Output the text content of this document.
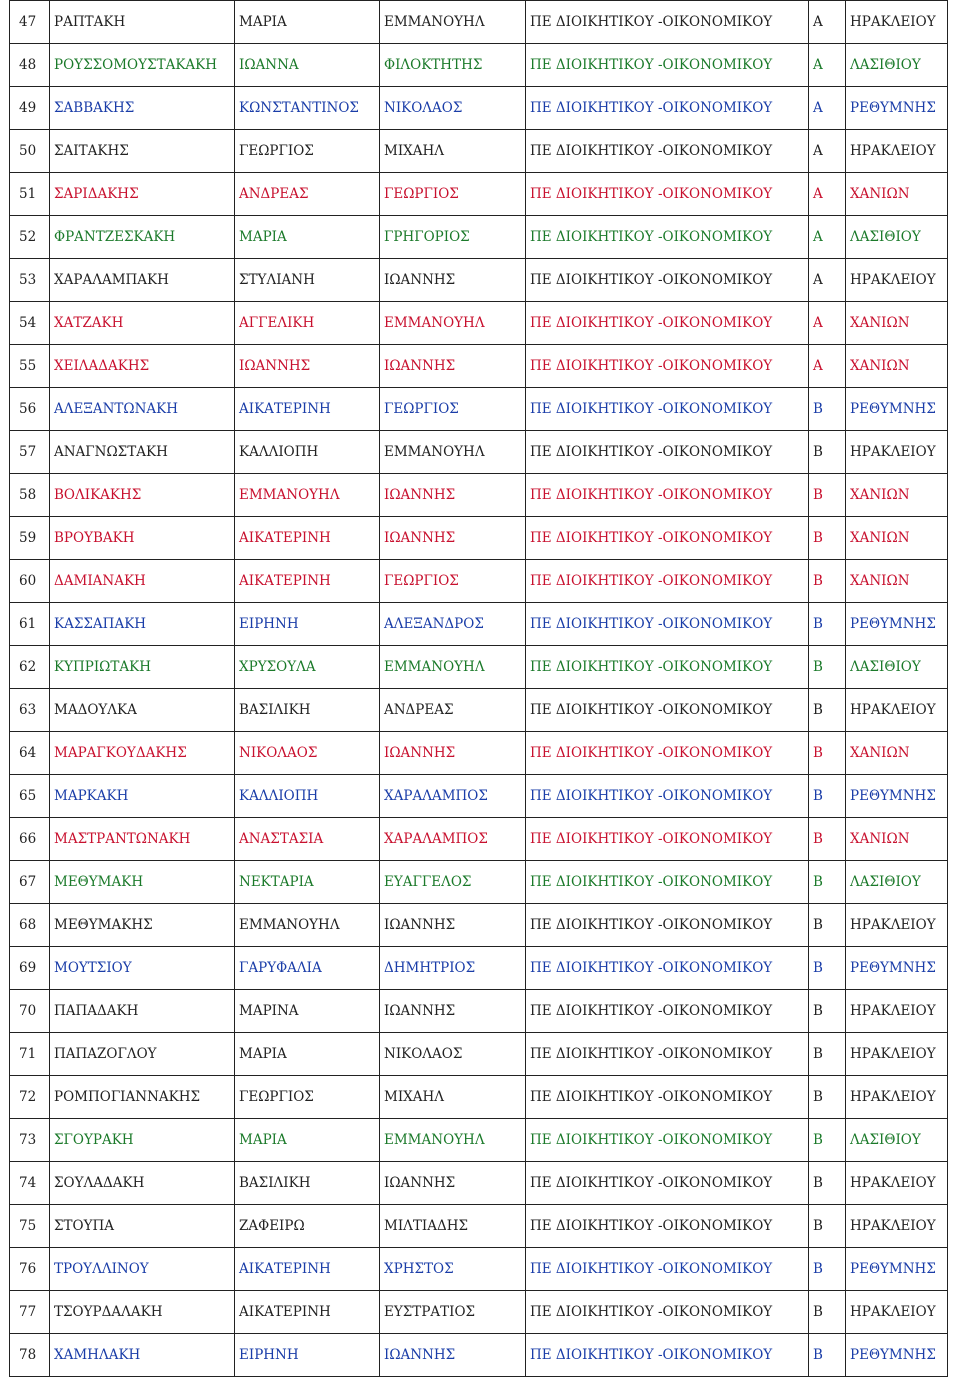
47	ΡΑΠΤΑΚΗ	ΜΑΡΙΑ	ΕΜΜΑΝΟΥΗΛ	ΠΕ ΔΙΟΙΚΗΤΙΚΟΥ -ΟΙΚΟΝΟΜΙΚΟΥ	Α	ΗΡΑΚΛΕΙΟΥ
48	ΡΟΥΣΣΟΜΟΥΣΤΑΚΑΚΗ	ΙΩΑΝΝΑ	ΦΙΛΟΚΤΗΤΗΣ	ΠΕ ΔΙΟΙΚΗΤΙΚΟΥ -ΟΙΚΟΝΟΜΙΚΟΥ	Α	ΛΑΣΙΘΙΟΥ
49	ΣΑΒΒΑΚΗΣ	ΚΩΝΣΤΑΝΤΙΝΟΣ	ΝΙΚΟΛΑΟΣ	ΠΕ ΔΙΟΙΚΗΤΙΚΟΥ -ΟΙΚΟΝΟΜΙΚΟΥ	Α	ΡΕΘΥΜΝΗΣ
50	ΣΑΙΤΑΚΗΣ	ΓΕΩΡΓΙΟΣ	ΜΙΧΑΗΛ	ΠΕ ΔΙΟΙΚΗΤΙΚΟΥ -ΟΙΚΟΝΟΜΙΚΟΥ	Α	ΗΡΑΚΛΕΙΟΥ
51	ΣΑΡΙΔΑΚΗΣ	ΑΝΔΡΕΑΣ	ΓΕΩΡΓΙΟΣ	ΠΕ ΔΙΟΙΚΗΤΙΚΟΥ -ΟΙΚΟΝΟΜΙΚΟΥ	Α	ΧΑΝΙΩΝ
52	ΦΡΑΝΤΖΕΣΚΑΚΗ	ΜΑΡΙΑ	ΓΡΗΓΟΡΙΟΣ	ΠΕ ΔΙΟΙΚΗΤΙΚΟΥ -ΟΙΚΟΝΟΜΙΚΟΥ	Α	ΛΑΣΙΘΙΟΥ
53	ΧΑΡΑΛΑΜΠΑΚΗ	ΣΤΥΛΙΑΝΗ	ΙΩΑΝΝΗΣ	ΠΕ ΔΙΟΙΚΗΤΙΚΟΥ -ΟΙΚΟΝΟΜΙΚΟΥ	Α	ΗΡΑΚΛΕΙΟΥ
54	ΧΑΤΖΑΚΗ	ΑΓΓΕΛΙΚΗ	ΕΜΜΑΝΟΥΗΛ	ΠΕ ΔΙΟΙΚΗΤΙΚΟΥ -ΟΙΚΟΝΟΜΙΚΟΥ	Α	ΧΑΝΙΩΝ
55	ΧΕΙΛΑΔΑΚΗΣ	ΙΩΑΝΝΗΣ	ΙΩΑΝΝΗΣ	ΠΕ ΔΙΟΙΚΗΤΙΚΟΥ -ΟΙΚΟΝΟΜΙΚΟΥ	Α	ΧΑΝΙΩΝ
56	ΑΛΕΞΑΝΤΩΝΑΚΗ	ΑΙΚΑΤΕΡΙΝΗ	ΓΕΩΡΓΙΟΣ	ΠΕ ΔΙΟΙΚΗΤΙΚΟΥ -ΟΙΚΟΝΟΜΙΚΟΥ	Β	ΡΕΘΥΜΝΗΣ
57	ΑΝΑΓΝΩΣΤΑΚΗ	ΚΑΛΛΙΟΠΗ	ΕΜΜΑΝΟΥΗΛ	ΠΕ ΔΙΟΙΚΗΤΙΚΟΥ -ΟΙΚΟΝΟΜΙΚΟΥ	Β	ΗΡΑΚΛΕΙΟΥ
58	ΒΟΛΙΚΑΚΗΣ	ΕΜΜΑΝΟΥΗΛ	ΙΩΑΝΝΗΣ	ΠΕ ΔΙΟΙΚΗΤΙΚΟΥ -ΟΙΚΟΝΟΜΙΚΟΥ	Β	ΧΑΝΙΩΝ
59	ΒΡΟΥΒΑΚΗ	ΑΙΚΑΤΕΡΙΝΗ	ΙΩΑΝΝΗΣ	ΠΕ ΔΙΟΙΚΗΤΙΚΟΥ -ΟΙΚΟΝΟΜΙΚΟΥ	Β	ΧΑΝΙΩΝ
60	ΔΑΜΙΑΝΑΚΗ	ΑΙΚΑΤΕΡΙΝΗ	ΓΕΩΡΓΙΟΣ	ΠΕ ΔΙΟΙΚΗΤΙΚΟΥ -ΟΙΚΟΝΟΜΙΚΟΥ	Β	ΧΑΝΙΩΝ
61	ΚΑΣΣΑΠΑΚΗ	ΕΙΡΗΝΗ	ΑΛΕΞΑΝΔΡΟΣ	ΠΕ ΔΙΟΙΚΗΤΙΚΟΥ -ΟΙΚΟΝΟΜΙΚΟΥ	Β	ΡΕΘΥΜΝΗΣ
62	ΚΥΠΡΙΩΤΑΚΗ	ΧΡΥΣΟΥΛΑ	ΕΜΜΑΝΟΥΗΛ	ΠΕ ΔΙΟΙΚΗΤΙΚΟΥ -ΟΙΚΟΝΟΜΙΚΟΥ	Β	ΛΑΣΙΘΙΟΥ
63	ΜΑΔΟΥΛΚΑ	ΒΑΣΙΛΙΚΗ	ΑΝΔΡΕΑΣ	ΠΕ ΔΙΟΙΚΗΤΙΚΟΥ -ΟΙΚΟΝΟΜΙΚΟΥ	Β	ΗΡΑΚΛΕΙΟΥ
64	ΜΑΡΑΓΚΟΥΔΑΚΗΣ	ΝΙΚΟΛΑΟΣ	ΙΩΑΝΝΗΣ	ΠΕ ΔΙΟΙΚΗΤΙΚΟΥ -ΟΙΚΟΝΟΜΙΚΟΥ	Β	ΧΑΝΙΩΝ
65	ΜΑΡΚΑΚΗ	ΚΑΛΛΙΟΠΗ	ΧΑΡΑΛΑΜΠΟΣ	ΠΕ ΔΙΟΙΚΗΤΙΚΟΥ -ΟΙΚΟΝΟΜΙΚΟΥ	Β	ΡΕΘΥΜΝΗΣ
66	ΜΑΣΤΡΑΝΤΩΝΑΚΗ	ΑΝΑΣΤΑΣΙΑ	ΧΑΡΑΛΑΜΠΟΣ	ΠΕ ΔΙΟΙΚΗΤΙΚΟΥ -ΟΙΚΟΝΟΜΙΚΟΥ	Β	ΧΑΝΙΩΝ
67	ΜΕΘΥΜΑΚΗ	ΝΕΚΤΑΡΙΑ	ΕΥΑΓΓΕΛΟΣ	ΠΕ ΔΙΟΙΚΗΤΙΚΟΥ -ΟΙΚΟΝΟΜΙΚΟΥ	Β	ΛΑΣΙΘΙΟΥ
68	ΜΕΘΥΜΑΚΗΣ	ΕΜΜΑΝΟΥΗΛ	ΙΩΑΝΝΗΣ	ΠΕ ΔΙΟΙΚΗΤΙΚΟΥ -ΟΙΚΟΝΟΜΙΚΟΥ	Β	ΗΡΑΚΛΕΙΟΥ
69	ΜΟΥΤΣΙΟΥ	ΓΑΡΥΦΑΛΙΑ	ΔΗΜΗΤΡΙΟΣ	ΠΕ ΔΙΟΙΚΗΤΙΚΟΥ -ΟΙΚΟΝΟΜΙΚΟΥ	Β	ΡΕΘΥΜΝΗΣ
70	ΠΑΠΑΔΑΚΗ	ΜΑΡΙΝΑ	ΙΩΑΝΝΗΣ	ΠΕ ΔΙΟΙΚΗΤΙΚΟΥ -ΟΙΚΟΝΟΜΙΚΟΥ	Β	ΗΡΑΚΛΕΙΟΥ
71	ΠΑΠΑΖΟΓΛΟΥ	ΜΑΡΙΑ	ΝΙΚΟΛΑΟΣ	ΠΕ ΔΙΟΙΚΗΤΙΚΟΥ -ΟΙΚΟΝΟΜΙΚΟΥ	Β	ΗΡΑΚΛΕΙΟΥ
72	ΡΟΜΠΟΓΙΑΝΝΑΚΗΣ	ΓΕΩΡΓΙΟΣ	ΜΙΧΑΗΛ	ΠΕ ΔΙΟΙΚΗΤΙΚΟΥ -ΟΙΚΟΝΟΜΙΚΟΥ	Β	ΗΡΑΚΛΕΙΟΥ
73	ΣΓΟΥΡΑΚΗ	ΜΑΡΙΑ	ΕΜΜΑΝΟΥΗΛ	ΠΕ ΔΙΟΙΚΗΤΙΚΟΥ -ΟΙΚΟΝΟΜΙΚΟΥ	Β	ΛΑΣΙΘΙΟΥ
74	ΣΟΥΛΑΔΑΚΗ	ΒΑΣΙΛΙΚΗ	ΙΩΑΝΝΗΣ	ΠΕ ΔΙΟΙΚΗΤΙΚΟΥ -ΟΙΚΟΝΟΜΙΚΟΥ	Β	ΗΡΑΚΛΕΙΟΥ
75	ΣΤΟΥΠΑ	ΖΑΦΕΙΡΩ	ΜΙΛΤΙΑΔΗΣ	ΠΕ ΔΙΟΙΚΗΤΙΚΟΥ -ΟΙΚΟΝΟΜΙΚΟΥ	Β	ΗΡΑΚΛΕΙΟΥ
76	ΤΡΟΥΛΛΙΝΟΥ	ΑΙΚΑΤΕΡΙΝΗ	ΧΡΗΣΤΟΣ	ΠΕ ΔΙΟΙΚΗΤΙΚΟΥ -ΟΙΚΟΝΟΜΙΚΟΥ	Β	ΡΕΘΥΜΝΗΣ
77	ΤΣΟΥΡΔΑΛΑΚΗ	ΑΙΚΑΤΕΡΙΝΗ	ΕΥΣΤΡΑΤΙΟΣ	ΠΕ ΔΙΟΙΚΗΤΙΚΟΥ -ΟΙΚΟΝΟΜΙΚΟΥ	Β	ΗΡΑΚΛΕΙΟΥ
78	ΧΑΜΗΛΑΚΗ	ΕΙΡΗΝΗ	ΙΩΑΝΝΗΣ	ΠΕ ΔΙΟΙΚΗΤΙΚΟΥ -ΟΙΚΟΝΟΜΙΚΟΥ	Β	ΡΕΘΥΜΝΗΣ
